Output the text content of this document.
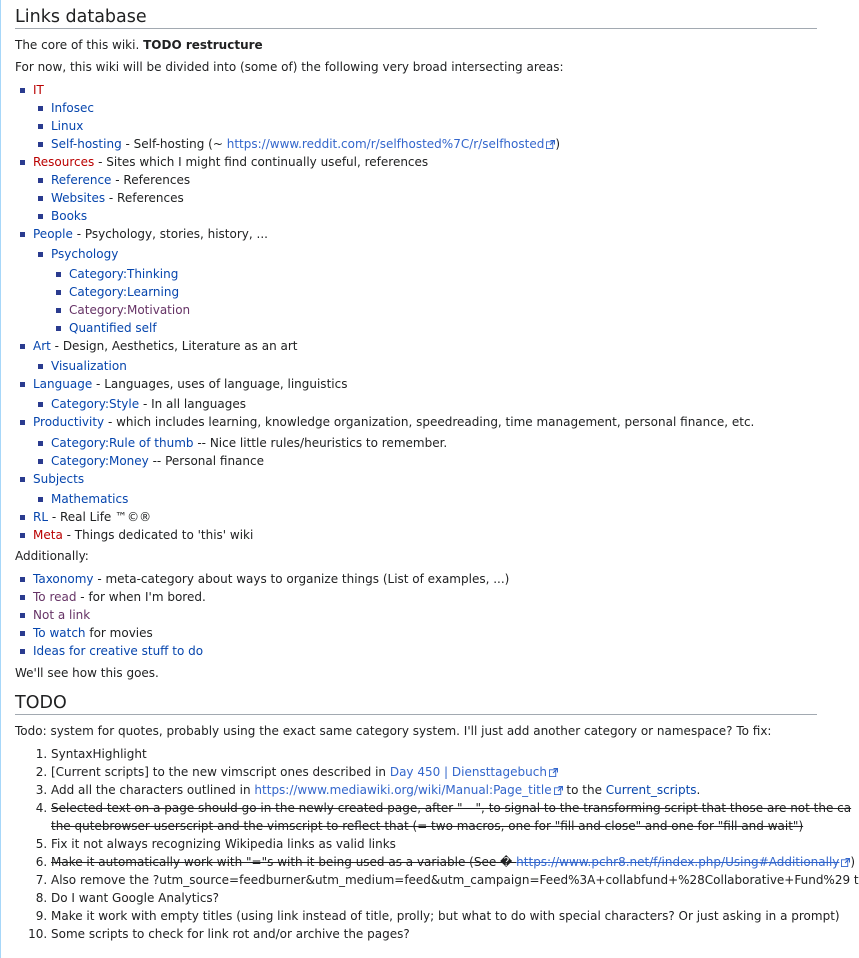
Links database

The core of this wiki. TODO restructure

For now, this wiki will be divided into (some of) the following very broad intersecting areas:

IT
Infosec
Linux
Self-hosting - Self-hosting (~ https://www.reddit.com/r/selfhosted%7C/r/selfhosted )
Resources - Sites which I might find continually useful, references
Reference - References
Websites - References
Books
People - Psychology, stories, history, ...
Psychology
Category:Thinking
Category:Learning
Category:Motivation
Quantified self
Art - Design, Aesthetics, Literature as an art
Visualization
Language - Languages, uses of language, linguistics
Category:Style - In all languages
Productivity - which includes learning, knowledge organization, speedreading, time management, personal finance, etc.
Category:Rule of thumb -- Nice little rules/heuristics to remember.
Category:Money -- Personal finance
Subjects
Mathematics
RL - Real Life ™©®
Meta - Things dedicated to 'this' wiki

Additionally:

Taxonomy - meta-category about ways to organize things (List of examples, ...)
To read - for when I'm bored.
Not a link
To watch for movies
Ideas for creative stuff to do

We'll see how this goes.

TODO

Todo: system for quotes, probably using the exact same category system. I'll just add another category or namespace? To fix:

1. SyntaxHighlight
2. [Current scripts] to the new vimscript ones described in Day 450 | Diensttagebuch
3. Add all the characters outlined in https://www.mediawiki.org/wiki/Manual:Page_title to the Current_scripts.
4. Selected text on a page should go in the newly created page, after "---", to signal to the transforming script that those are not the ca
the qutebrowser userscript and the vimscript to reflect that (= two macros, one for "fill and close" and one for "fill and wait")
5. Fix it not always recognizing Wikipedia links as valid links
6. Make it automatically work with "="s with it being used as a variable (See � https://www.pchr8.net/f/index.php/Using#Additionally )
7. Also remove the ?utm_source=feedburner&utm_medium=feed&utm_campaign=Feed%3A+collabfund+%28Collaborative+Fund%29 t
8. Do I want Google Analytics?
9. Make it work with empty titles (using link instead of title, prolly; but what to do with special characters? Or just asking in a prompt)
10. Some scripts to check for link rot and/or archive the pages?
